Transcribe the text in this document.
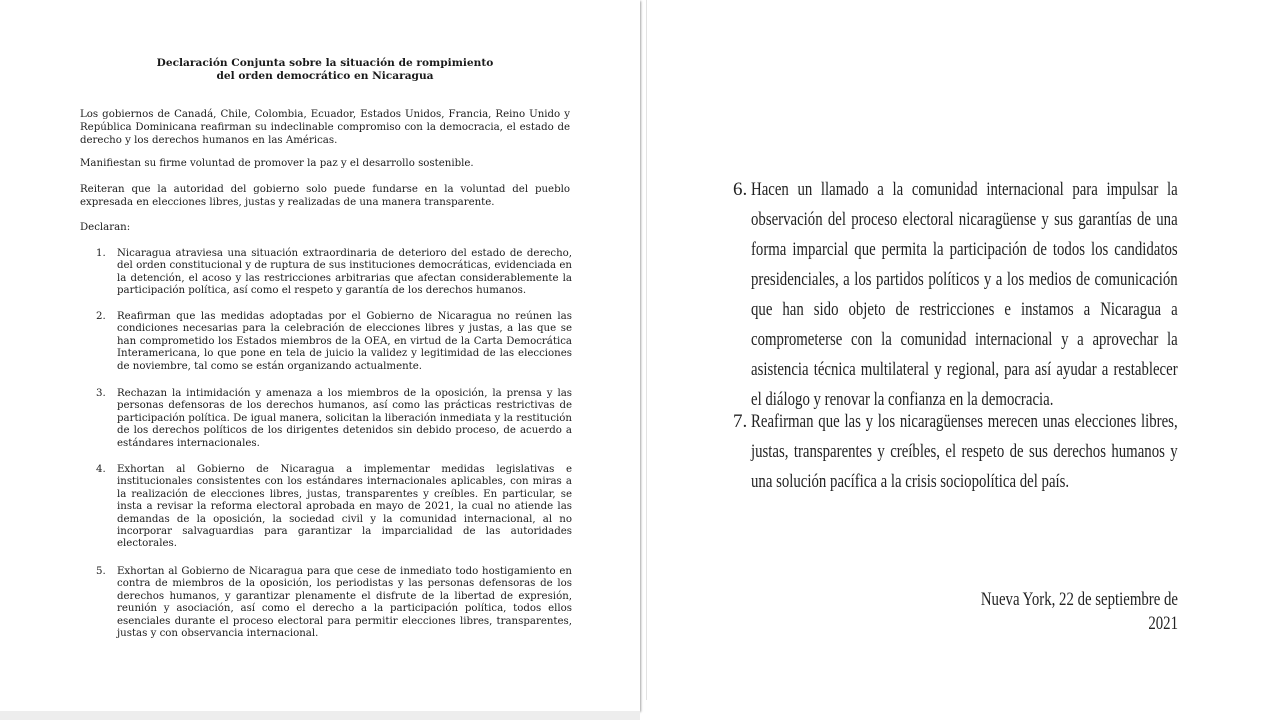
Declaración Conjunta sobre la situación de rompimiento
del orden democrático en Nicaragua
Los gobiernos de Canadá, Chile, Colombia, Ecuador, Estados Unidos, Francia, Reino Unido y República Dominicana reafirman su indeclinable compromiso con la democracia, el estado de derecho y los derechos humanos en las Américas.
Manifiestan su firme voluntad de promover la paz y el desarrollo sostenible.
Reiteran que la autoridad del gobierno solo puede fundarse en la voluntad del pueblo expresada en elecciones libres, justas y realizadas de una manera transparente.
Declaran:
1.	Nicaragua atraviesa una situación extraordinaria de deterioro del estado de derecho, del orden constitucional y de ruptura de sus instituciones democráticas, evidenciada en la detención, el acoso y las restricciones arbitrarias que afectan considerablemente la participación política, así como el respeto y garantía de los derechos humanos.
2.	Reafirman que las medidas adoptadas por el Gobierno de Nicaragua no reúnen las condiciones necesarias para la celebración de elecciones libres y justas, a las que se han comprometido los Estados miembros de la OEA, en virtud de la Carta Democrática Interamericana, lo que pone en tela de juicio la validez y legitimidad de las elecciones de noviembre, tal como se están organizando actualmente.
3.	Rechazan la intimidación y amenaza a los miembros de la oposición, la prensa y las personas defensoras de los derechos humanos, así como las prácticas restrictivas de participación política. De igual manera, solicitan la liberación inmediata y la restitución de los derechos políticos de los dirigentes detenidos sin debido proceso, de acuerdo a estándares internacionales.
4.	Exhortan al Gobierno de Nicaragua a implementar medidas legislativas e institucionales consistentes con los estándares internacionales aplicables, con miras a la realización de elecciones libres, justas, transparentes y creíbles. En particular, se insta a revisar la reforma electoral aprobada en mayo de 2021, la cual no atiende las demandas de la oposición, la sociedad civil y la comunidad internacional, al no incorporar salvaguardias para garantizar la imparcialidad de las autoridades electorales.
5.	Exhortan al Gobierno de Nicaragua para que cese de inmediato todo hostigamiento en contra de miembros de la oposición, los periodistas y las personas defensoras de los derechos humanos, y garantizar plenamente el disfrute de la libertad de expresión, reunión y asociación, así como el derecho a la participación política, todos ellos esenciales durante el proceso electoral para permitir elecciones libres, transparentes, justas y con observancia internacional.
6. Hacen un llamado a la comunidad internacional para impulsar la observación del proceso electoral nicaragüense y sus garantías de una forma imparcial que permita la participación de todos los candidatos presidenciales, a los partidos políticos y a los medios de comunicación que han sido objeto de restricciones e instamos a Nicaragua a comprometerse con la comunidad internacional y a aprovechar la asistencia técnica multilateral y regional, para así ayudar a restablecer el diálogo y renovar la confianza en la democracia.
7. Reafirman que las y los nicaragüenses merecen unas elecciones libres, justas, transparentes y creíbles, el respeto de sus derechos humanos y una solución pacífica a la crisis sociopolítica del país.
Nueva York, 22 de septiembre de 2021
